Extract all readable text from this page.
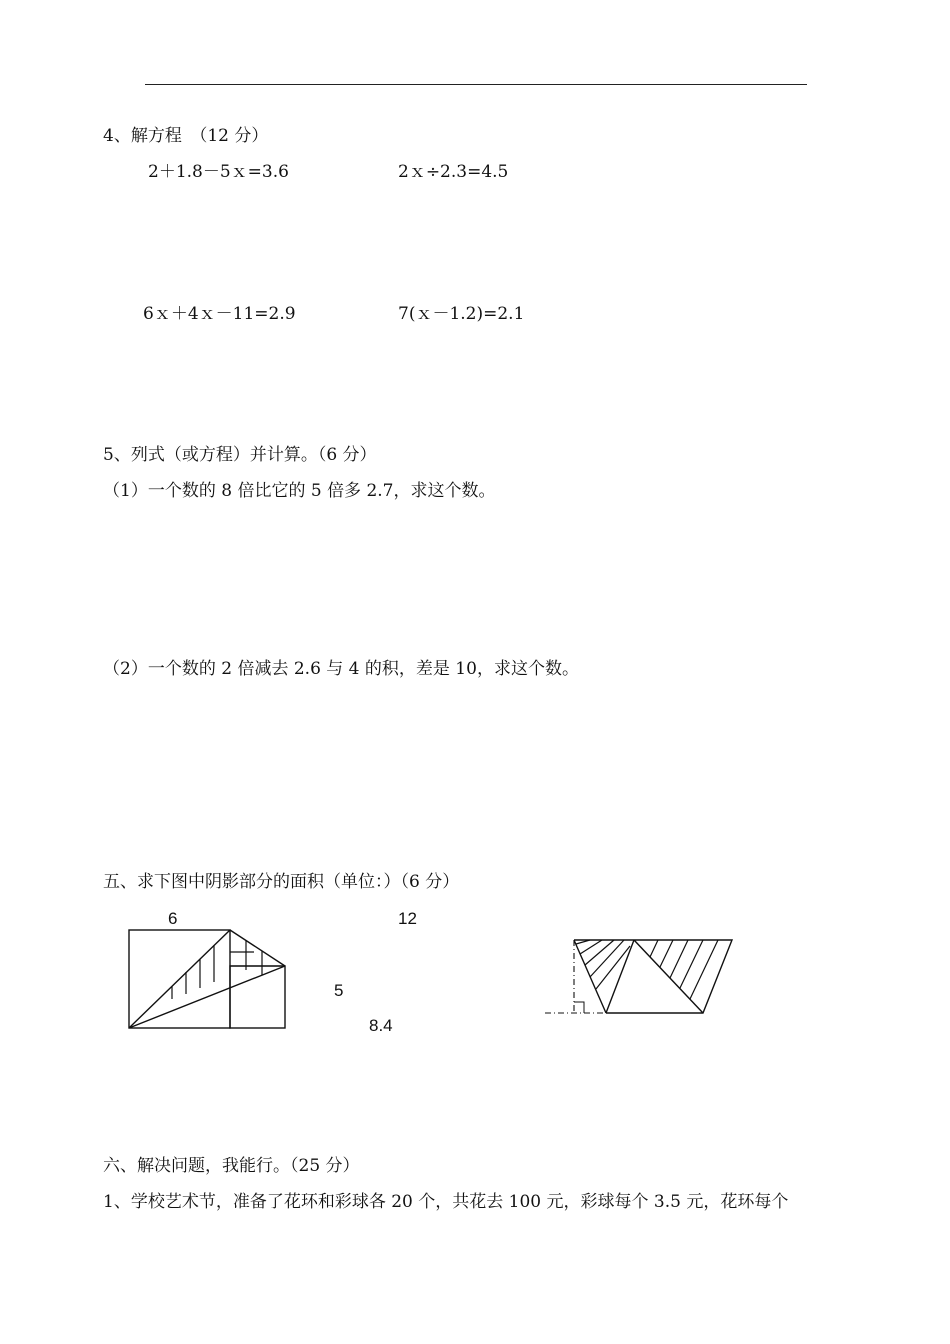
4、解方程　（12 分）
2＋1.8－5ｘ=3.6	2ｘ÷2.3=4.5
6ｘ＋4ｘ－11=2.9	7(ｘ－1.2)=2.1
5、列式（或方程）并计算。（6 分）
（1）一个数的 8 倍比它的 5 倍多 2.7，求这个数。
（2）一个数的 2 倍减去 2.6 与 4 的积，差是 10，求这个数。
五、求下图中阴影部分的面积（单位：）（6 分）
6	12
5
8.4
六、解决问题，我能行。（25 分）
1、学校艺术节，准备了花环和彩球各 20 个，共花去 100 元，彩球每个 3.5 元，花环每个
